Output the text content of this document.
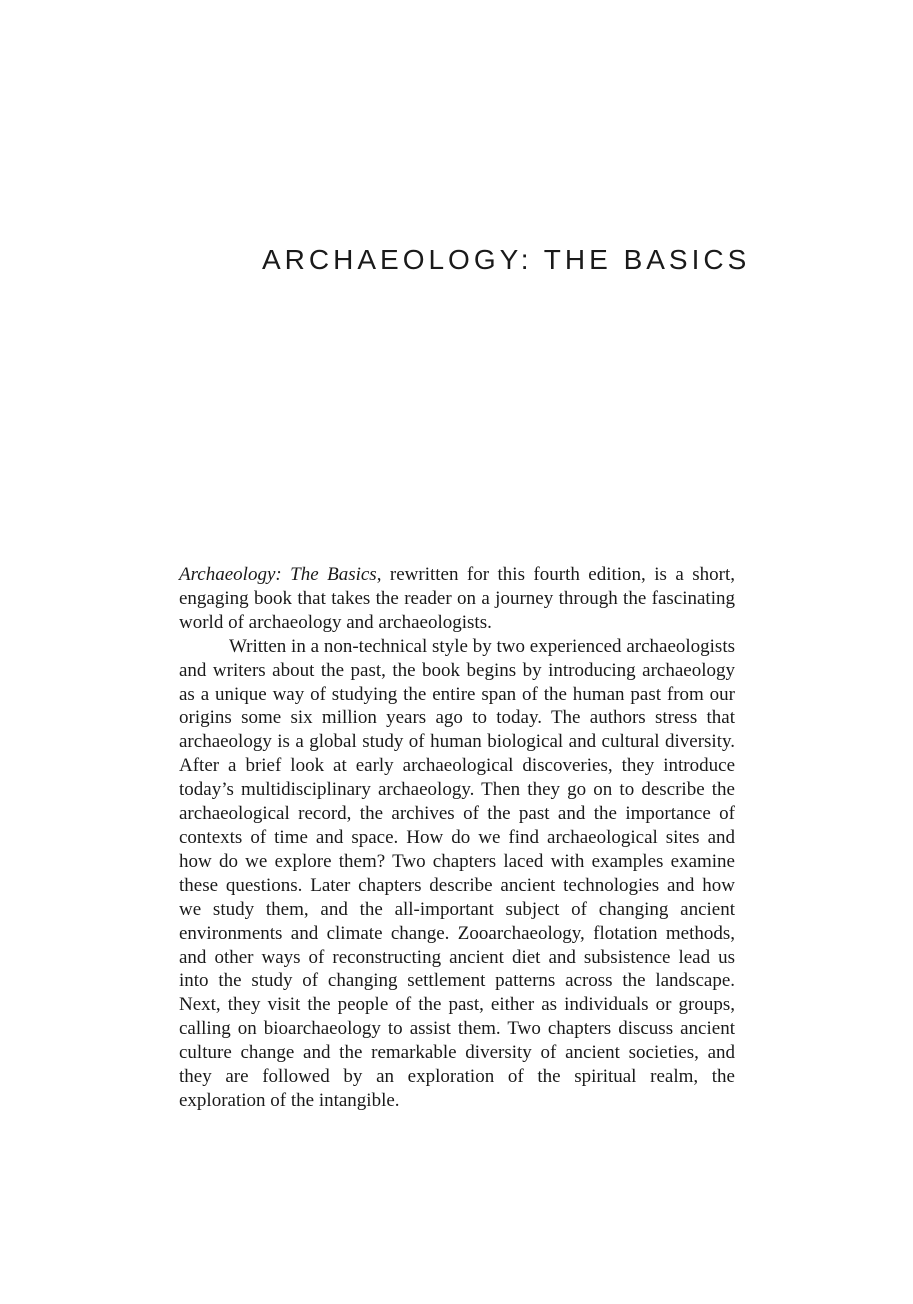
ARCHAEOLOGY: THE BASICS

Archaeology: The Basics, rewritten for this fourth edition, is a short, engaging book that takes the reader on a journey through the fascinating world of archaeology and archaeologists.

Written in a non-technical style by two experienced archaeologists and writers about the past, the book begins by introducing archaeology as a unique way of studying the entire span of the human past from our origins some six million years ago to today. The authors stress that archaeology is a global study of human biological and cultural diversity. After a brief look at early archaeological discoveries, they introduce today’s multidisciplinary archaeology. Then they go on to describe the archaeological record, the archives of the past and the importance of contexts of time and space. How do we find archaeological sites and how do we explore them? Two chapters laced with examples examine these questions. Later chapters describe ancient technologies and how we study them, and the all-important subject of changing ancient environments and climate change. Zooarchaeology, flotation methods, and other ways of reconstructing ancient diet and subsistence lead us into the study of changing settlement patterns across the landscape. Next, they visit the people of the past, either as individuals or groups, calling on bioarchaeology to assist them. Two chapters discuss ancient culture change and the remarkable diversity of ancient societies, and they are followed by an exploration of the spiritual realm, the exploration of the intangible.
